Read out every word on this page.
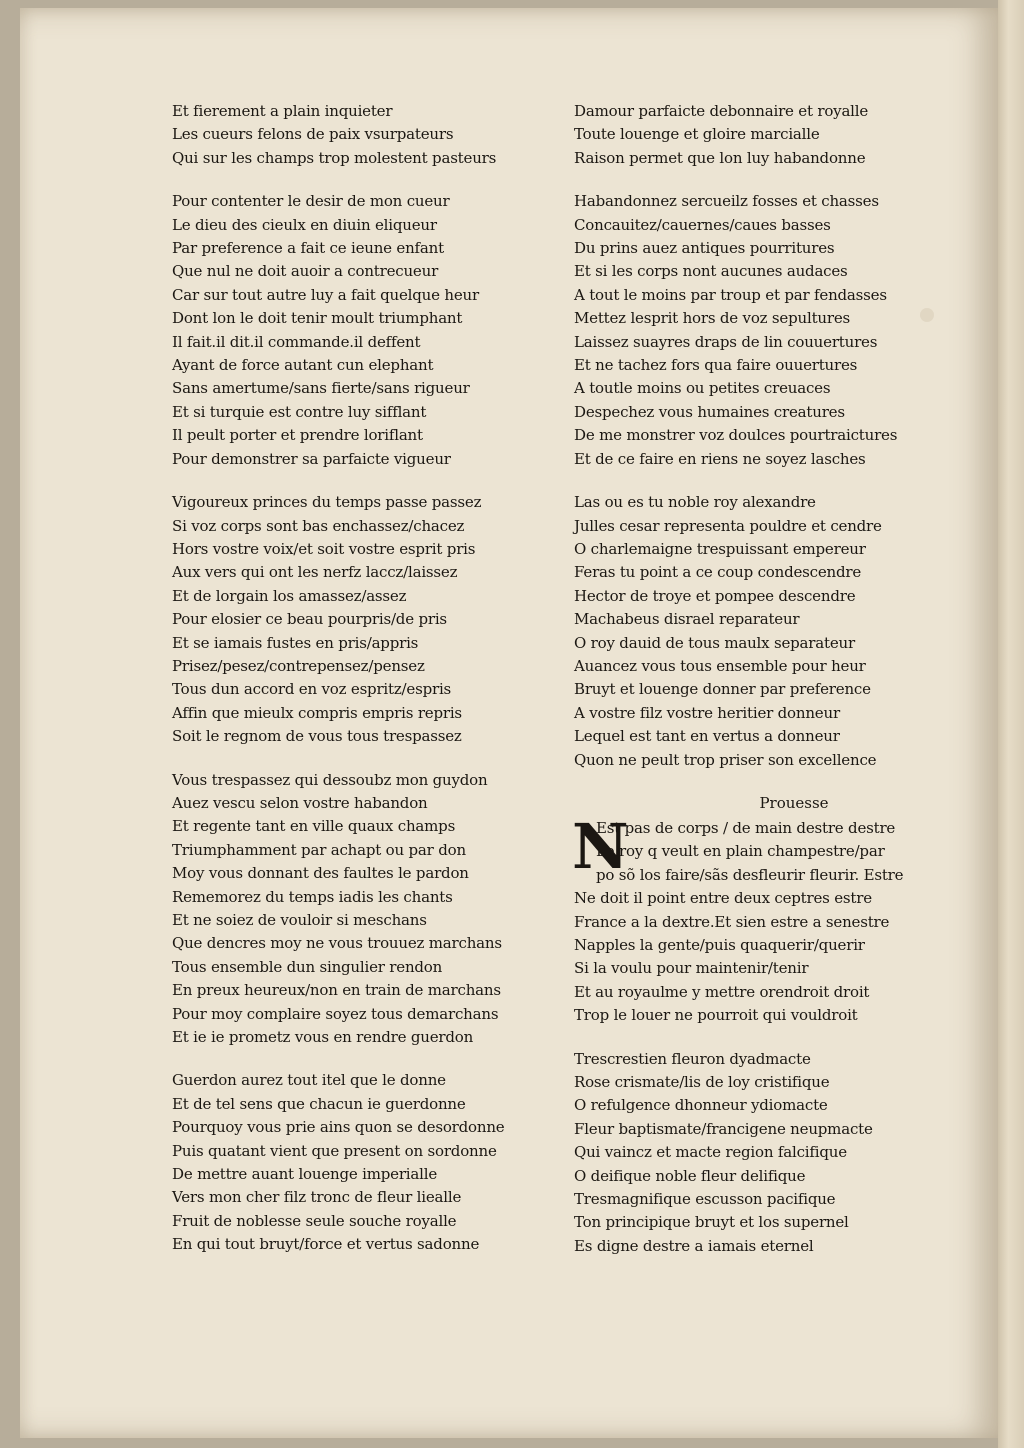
Et fierement a plain inquieter
Les cueurs felons de paix vsurpateurs
Qui sur les champs trop molestent pasteurs
Pour contenter le desir de mon cueur
Le dieu des cieulx en diuin eliqueur
Par preference a fait ce ieune enfant
Que nul ne doit auoir a contrecueur
Car sur tout autre luy a fait quelque heur
Dont lon le doit tenir moult triumphant
Il fait.il dit.il commande.il deffent
Ayant de force autant cun elephant
Sans amertume/sans fierte/sans rigueur
Et si turquie est contre luy sifflant
Il peult porter et prendre loriflant
Pour demonstrer sa parfaicte vigueur
Vigoureux princes du temps passe passez
Si voz corps sont bas enchassez/chacez
Hors vostre voix/et soit vostre esprit pris
Aux vers qui ont les nerfz laccz/laissez
Et de lorgain los amassez/assez
Pour elosier ce beau pourpris/de pris
Et se iamais fustes en pris/appris
Prisez/pesez/contrepensez/pensez
Tous dun accord en voz espritz/espris
Affin que mieulx compris empris repris
Soit le regnom de vous tous trespassez
Vous trespassez qui dessoubz mon guydon
Auez vescu selon vostre habandon
Et regente tant en ville quaux champs
Triumphamment par achapt ou par don
Moy vous donnant des faultes le pardon
Rememorez du temps iadis les chants
Et ne soiez de vouloir si meschans
Que dencres moy ne vous trouuez marchans
Tous ensemble dun singulier rendon
En preux heureux/non en train de marchans
Pour moy complaire soyez tous demarchans
Et ie ie prometz vous en rendre guerdon
Guerdon aurez tout itel que le donne
Et de tel sens que chacun ie guerdonne
Pourquoy vous prie ains quon se desordonne
Puis quatant vient que present on sordonne
De mettre auant louenge imperialle
Vers mon cher filz tronc de fleur liealle
Fruit de noblesse seule souche royalle
En qui tout bruyt/force et vertus sadonne
Damour parfaicte debonnaire et royalle
Toute louenge et gloire marcialle
Raison permet que lon luy habandonne
Habandonnez sercueilz fosses et chasses
Concauitez/cauernes/caues basses
Du prins auez antiques pourritures
Et si les corps nont aucunes audaces
A tout le moins par troup et par fendasses
Mettez lesprit hors de voz sepultures
Laissez suayres draps de lin couuertures
Et ne tachez fors qua faire ouuertures
A toutle moins ou petites creuaces
Despechez vous humaines creatures
De me monstrer voz doulces pourtraictures
Et de ce faire en riens ne soyez lasches
Las ou es tu noble roy alexandre
Julles cesar representa pouldre et cendre
O charlemaigne trespuissant empereur
Feras tu point a ce coup condescendre
Hector de troye et pompee descendre
Machabeus disrael reparateur
O roy dauid de tous maulx separateur
Auancez vous tous ensemble pour heur
Bruyt et louenge donner par preference
A vostre filz vostre heritier donneur
Lequel est tant en vertus a donneur
Quon ne peult trop priser son excellence
Prouesse
N
Est pas de corps / de main destre destre
Le roy q veult en plain champestre/par
po sõ los faire/sãs desfleurir fleurir. Estre
Ne doit il point entre deux ceptres estre
France a la dextre.Et sien estre a senestre
Napples la gente/puis quaquerir/querir
Si la voulu pour maintenir/tenir
Et au royaulme y mettre orendroit droit
Trop le louer ne pourroit qui vouldroit
Trescrestien fleuron dyadmacte
Rose crismate/lis de loy cristifique
O refulgence dhonneur ydiomacte
Fleur baptismate/francigene neupmacte
Qui vaincz et macte region falcifique
O deifique noble fleur delifique
Tresmagnifique escusson pacifique
Ton principique bruyt et los supernel
Es digne destre a iamais eternel
